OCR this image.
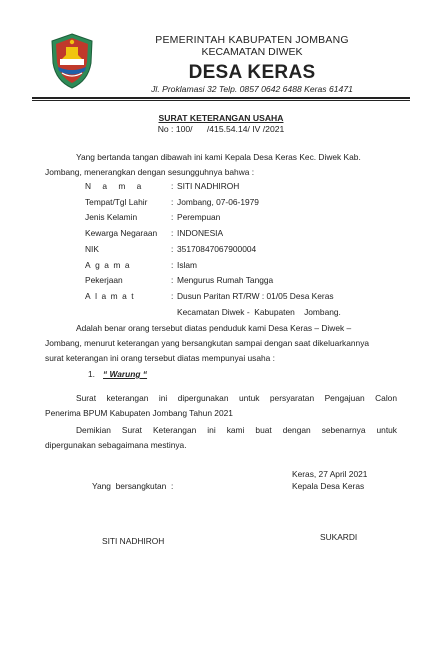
PEMERINTAH KABUPATEN JOMBANG
KECAMATAN DIWEK
DESA KERAS
Jl. Proklamasi 32 Telp. 0857 0642 6488 Keras 61471
SURAT KETERANGAN USAHA
No : 100/      /415.54.14/ IV /2021

Yang bertanda tangan dibawah ini kami Kepala Desa Keras Kec. Diwek Kab.

Jombang, menerangkan dengan sesungguhnya bahwa :

N a m a	: SITI NADHIROH
Tempat/Tgl Lahir	: Jombang, 07-06-1979
Jenis Kelamin	: Perempuan
Kewarga Negaraan : INDONESIA
NIK	: 35170847067900004
Agama	: Islam
Pekerjaan	: Mengurus Rumah Tangga
Alamat	: Dusun Paritan RT/RW : 01/05 Desa Keras
Kecamatan Diwek -  Kabupaten    Jombang.

Adalah benar orang tersebut diatas penduduk kami Desa Keras – Diwek –

Jombang, menurut keterangan yang bersangkutan sampai dengan saat dikeluarkannya

surat keterangan ini orang tersebut diatas mempunyai usaha :

1. “ Warung “

Surat keterangan ini dipergunakan untuk persyaratan Pengajuan Calon

Penerima BPUM Kabupaten Jombang Tahun 2021

Demikian Surat Keterangan ini kami buat dengan sebenarnya untuk

dipergunakan sebagaimana mestinya.

Keras, 27 April 2021
Kepala Desa Keras
Yang  bersangkutan  :
SITI NADHIROH	SUKARDI
